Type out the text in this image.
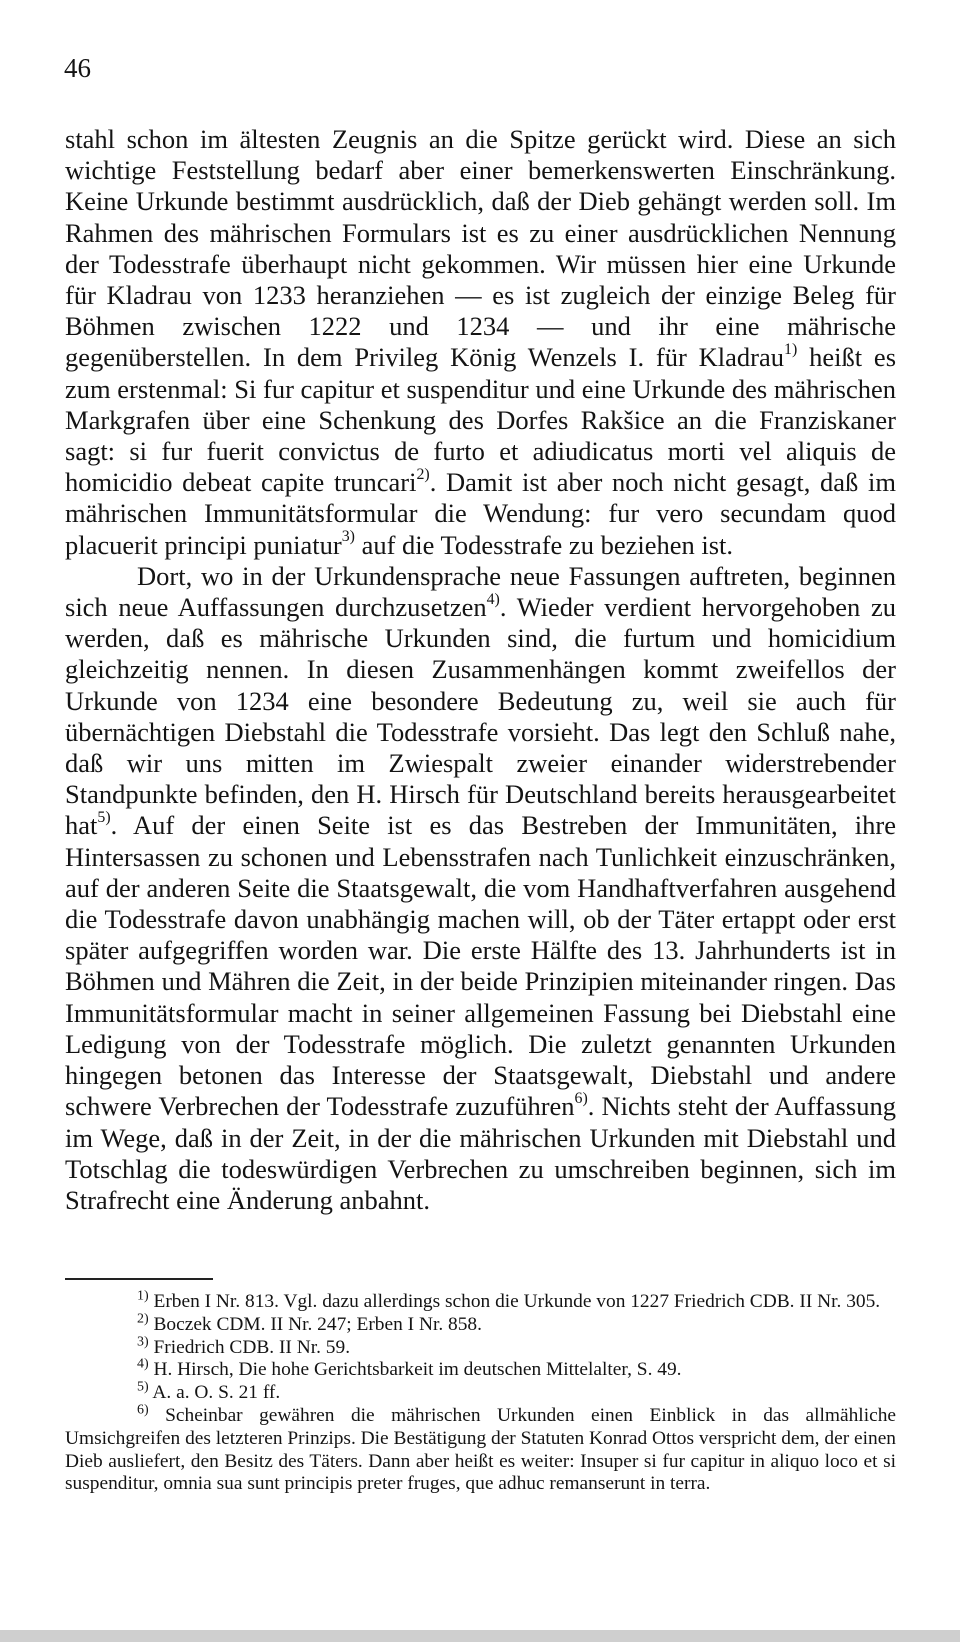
46

stahl schon im ältesten Zeugnis an die Spitze gerückt wird. Diese an sich wichtige Feststellung bedarf aber einer bemerkenswerten Einschränkung. Keine Urkunde bestimmt ausdrücklich, daß der Dieb gehängt werden soll. Im Rahmen des mährischen Formulars ist es zu einer ausdrücklichen Nennung der Todesstrafe überhaupt nicht gekommen. Wir müssen hier eine Urkunde für Kladrau von 1233 heranziehen — es ist zugleich der einzige Beleg für Böhmen zwischen 1222 und 1234 — und ihr eine mährische gegenüberstellen. In dem Privileg König Wenzels I. für Kladrau$^{1)}$ heißt es zum erstenmal: Si fur capitur et suspenditur und eine Urkunde des mährischen Markgrafen über eine Schenkung des Dorfes Rakšice an die Franziskaner sagt: si fur fuerit convictus de furto et adiudicatus morti vel aliquis de homicidio debeat capite truncari$^{2)}$. Damit ist aber noch nicht gesagt, daß im mährischen Immunitätsformular die Wendung: fur vero secundam quod placuerit principi puniatur$^{3)}$ auf die Todesstrafe zu beziehen ist.

Dort, wo in der Urkundensprache neue Fassungen auftreten, beginnen sich neue Auffassungen durchzusetzen$^{4)}$. Wieder verdient hervorgehoben zu werden, daß es mährische Urkunden sind, die furtum und homicidium gleichzeitig nennen. In diesen Zusammenhängen kommt zweifellos der Urkunde von 1234 eine besondere Bedeutung zu, weil sie auch für übernächtigen Diebstahl die Todesstrafe vorsieht. Das legt den Schluß nahe, daß wir uns mitten im Zwiespalt zweier einander widerstrebender Standpunkte befinden, den H. Hirsch für Deutschland bereits herausgearbeitet hat$^{5)}$. Auf der einen Seite ist es das Bestreben der Immunitäten, ihre Hintersassen zu schonen und Lebensstrafen nach Tunlichkeit einzuschränken, auf der anderen Seite die Staatsgewalt, die vom Handhaftverfahren ausgehend die Todesstrafe davon unabhängig machen will, ob der Täter ertappt oder erst später aufgegriffen worden war. Die erste Hälfte des 13. Jahrhunderts ist in Böhmen und Mähren die Zeit, in der beide Prinzipien miteinander ringen. Das Immunitätsformular macht in seiner allgemeinen Fassung bei Diebstahl eine Ledigung von der Todesstrafe möglich. Die zuletzt genannten Urkunden hingegen betonen das Interesse der Staatsgewalt, Diebstahl und andere schwere Verbrechen der Todesstrafe zuzuführen$^{6)}$. Nichts steht der Auffassung im Wege, daß in der Zeit, in der die mährischen Urkunden mit Diebstahl und Totschlag die todeswürdigen Verbrechen zu umschreiben beginnen, sich im Strafrecht eine Änderung anbahnt.

$^{1)}$ Erben I Nr. 813. Vgl. dazu allerdings schon die Urkunde von 1227 Friedrich CDB. II Nr. 305.

$^{2)}$ Boczek CDM. II Nr. 247; Erben I Nr. 858.

$^{3)}$ Friedrich CDB. II Nr. 59.

$^{4)}$ H. Hirsch, Die hohe Gerichtsbarkeit im deutschen Mittelalter, S. 49.

$^{5)}$ A. a. O. S. 21 ff.

$^{6)}$ Scheinbar gewähren die mährischen Urkunden einen Einblick in das allmähliche Umsichgreifen des letzteren Prinzips. Die Bestätigung der Statuten Konrad Ottos verspricht dem, der einen Dieb ausliefert, den Besitz des Täters. Dann aber heißt es weiter: Insuper si fur capitur in aliquo loco et si suspenditur, omnia sua sunt principis preter fruges, que adhuc remanserunt in terra.
